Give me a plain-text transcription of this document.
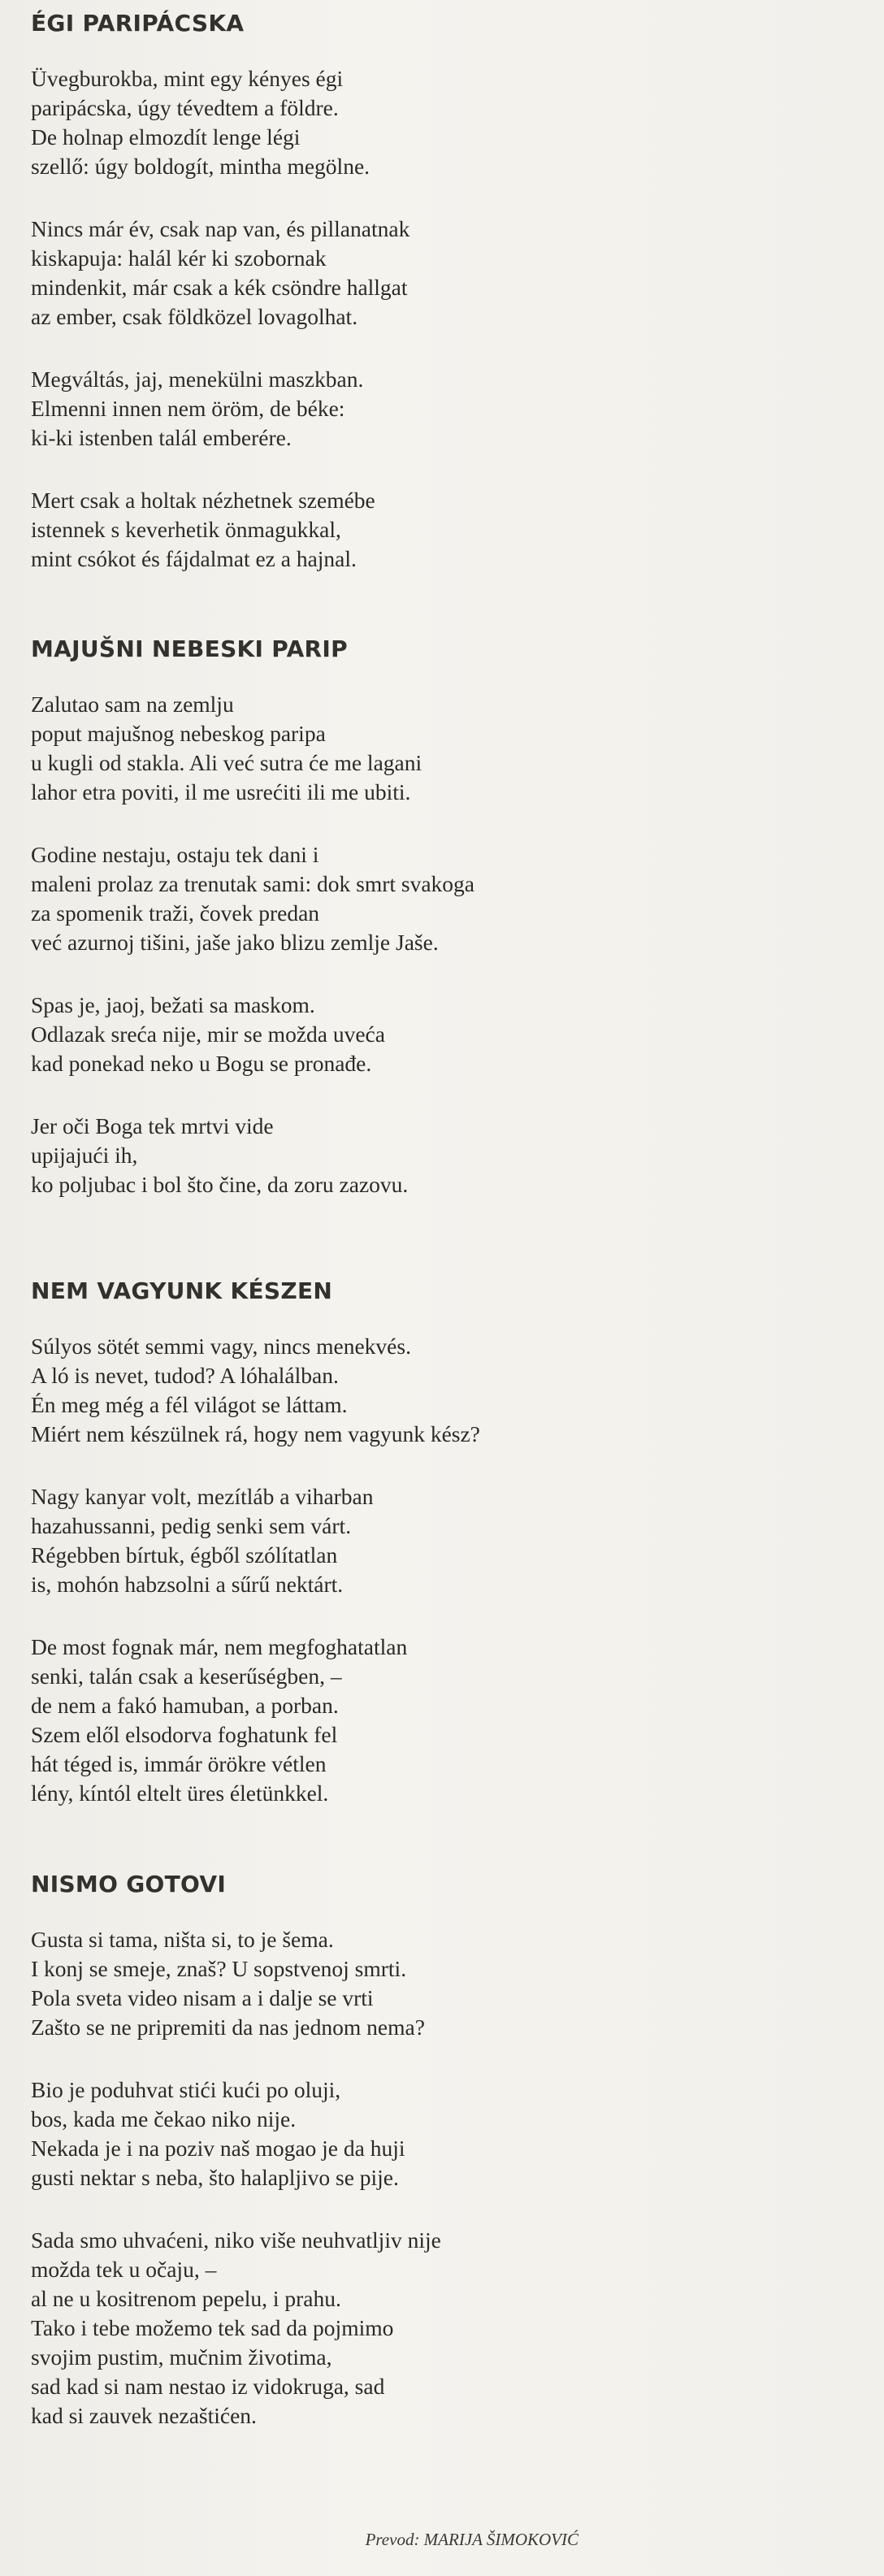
ÉGI PARIPÁCSKA
Üvegburokba, mint egy kényes égi
paripácska, úgy tévedtem a földre.
De holnap elmozdít lenge légi
szellő: úgy boldogít, mintha megölne.
Nincs már év, csak nap van, és pillanatnak
kiskapuja: halál kér ki szobornak
mindenkit, már csak a kék csöndre hallgat
az ember, csak földközel lovagolhat.
Megváltás, jaj, menekülni maszkban.
Elmenni innen nem öröm, de béke:
ki-ki istenben talál emberére.
Mert csak a holtak nézhetnek szemébe
istennek s keverhetik önmagukkal,
mint csókot és fájdalmat ez a hajnal.
MAJUŠNI NEBESKI PARIP
Zalutao sam na zemlju
poput majušnog nebeskog paripa
u kugli od stakla. Ali već sutra će me lagani
lahor etra poviti, il me usrećiti ili me ubiti.
Godine nestaju, ostaju tek dani i
maleni prolaz za trenutak sami: dok smrt svakoga
za spomenik traži, čovek predan
već azurnoj tišini, jaše jako blizu zemlje Jaše.
Spas je, jaoj, bežati sa maskom.
Odlazak sreća nije, mir se možda uveća
kad ponekad neko u Bogu se pronađe.
Jer oči Boga tek mrtvi vide
upijajući ih,
ko poljubac i bol što čine, da zoru zazovu.
NEM VAGYUNK KÉSZEN
Súlyos sötét semmi vagy, nincs menekvés.
A ló is nevet, tudod? A lóhalálban.
Én meg még a fél világot se láttam.
Miért nem készülnek rá, hogy nem vagyunk kész?
Nagy kanyar volt, mezítláb a viharban
hazahussanni, pedig senki sem várt.
Régebben bírtuk, égből szólítatlan
is, mohón habzsolni a sűrű nektárt.
De most fognak már, nem megfoghatatlan
senki, talán csak a keserűségben, –
de nem a fakó hamuban, a porban.
Szem elől elsodorva foghatunk fel
hát téged is, immár örökre vétlen
lény, kíntól eltelt üres életünkkel.
NISMO GOTOVI
Gusta si tama, ništa si, to je šema.
I konj se smeje, znaš? U sopstvenoj smrti.
Pola sveta video nisam a i dalje se vrti
Zašto se ne pripremiti da nas jednom nema?
Bio je poduhvat stići kući po oluji,
bos, kada me čekao niko nije.
Nekada je i na poziv naš mogao je da huji
gusti nektar s neba, što halapljivo se pije.
Sada smo uhvaćeni, niko više neuhvatljiv nije
možda tek u očaju, –
al ne u kositrenom pepelu, i prahu.
Tako i tebe možemo tek sad da pojmimo
svojim pustim, mučnim životima,
sad kad si nam nestao iz vidokruga, sad
kad si zauvek nezaštićen.
Prevod: MARIJA ŠIMOKOVIĆ
